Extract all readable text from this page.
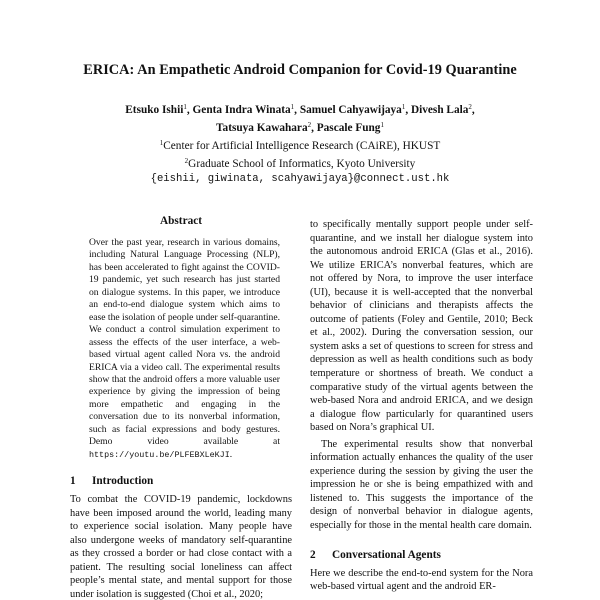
ERICA: An Empathetic Android Companion for Covid-19 Quarantine
Etsuko Ishii$^1$, Genta Indra Winata$^1$, Samuel Cahyawijaya$^1$, Divesh Lala$^2$,
Tatsuya Kawahara$^2$, Pascale Fung$^1$
$^1$Center for Artificial Intelligence Research (CAiRE), HKUST
$^2$Graduate School of Informatics, Kyoto University
{eishii, giwinata, scahyawijaya}@connect.ust.hk
Abstract
Over the past year, research in various domains, including Natural Language Processing (NLP), has been accelerated to fight against the COVID-19 pandemic, yet such research has just started on dialogue systems. In this paper, we introduce an end-to-end dialogue system which aims to ease the isolation of people under self-quarantine. We conduct a control simulation experiment to assess the effects of the user interface, a web-based virtual agent called Nora vs. the android ERICA via a video call. The experimental results show that the android offers a more valuable user experience by giving the impression of being more empathetic and engaging in the conversation due to its nonverbal information, such as facial expressions and body gestures. Demo video available at https://youtu.be/PLFEBXLeKJI.
1 Introduction
To combat the COVID-19 pandemic, lockdowns have been imposed around the world, leading many to experience social isolation. Many people have also undergone weeks of mandatory self-quarantine as they crossed a border or had close contact with a patient. The resulting social loneliness can affect people’s mental state, and mental support for those under isolation is suggested (Choi et al., 2020;
to specifically mentally support people under self-quarantine, and we install her dialogue system into the autonomous android ERICA (Glas et al., 2016). We utilize ERICA’s nonverbal features, which are not offered by Nora, to improve the user interface (UI), because it is well-accepted that the nonverbal behavior of clinicians and therapists affects the outcome of patients (Foley and Gentile, 2010; Beck et al., 2002). During the conversation session, our system asks a set of questions to screen for stress and depression as well as health conditions such as body temperature or shortness of breath. We conduct a comparative study of the virtual agents between the web-based Nora and android ERICA, and we design a dialogue flow particularly for quarantined users based on Nora’s graphical UI.
The experimental results show that nonverbal information actually enhances the quality of the user experience during the session by giving the user the impression he or she is being empathized with and listened to. This suggests the importance of the design of nonverbal behavior in dialogue agents, especially for those in the mental health care domain.
2 Conversational Agents
Here we describe the end-to-end system for the Nora web-based virtual agent and the android ER-
